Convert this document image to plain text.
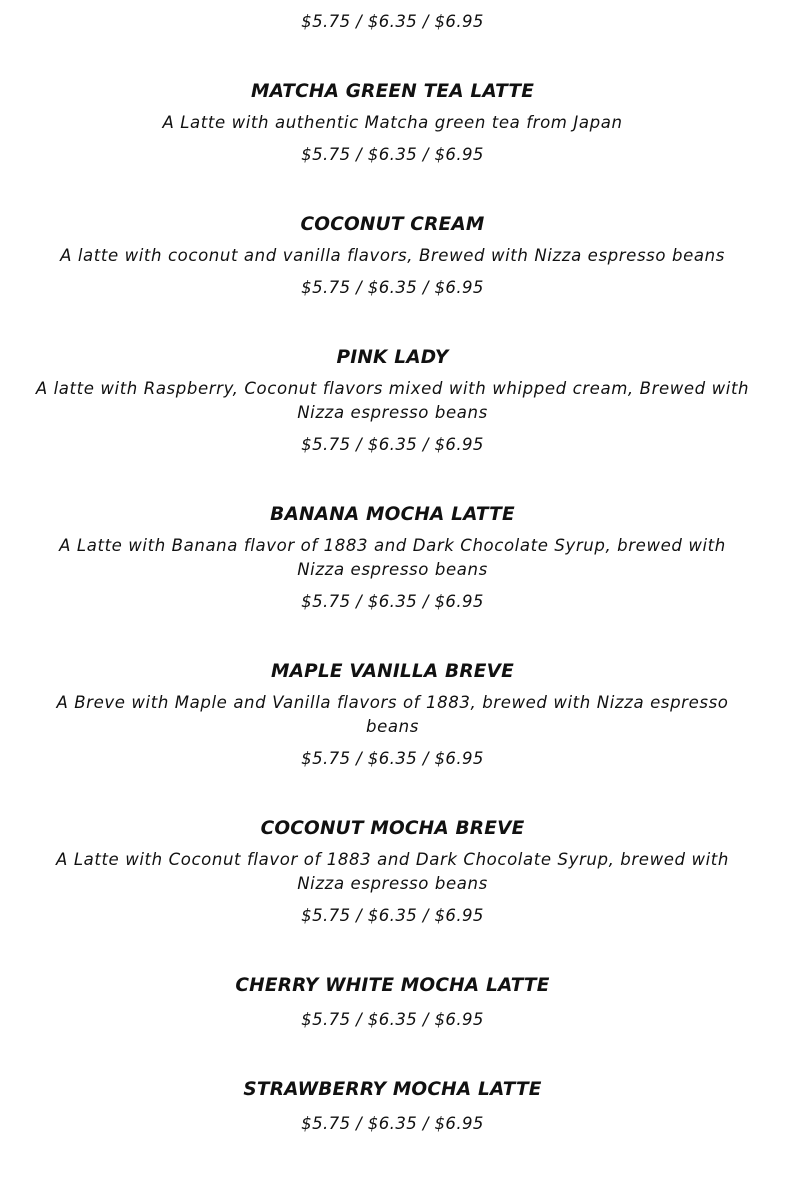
$5.75 / $6.35 / $6.95
MATCHA GREEN TEA LATTE
A Latte with authentic Matcha green tea from Japan
$5.75 / $6.35 / $6.95
COCONUT CREAM
A latte with coconut and vanilla flavors, Brewed with Nizza espresso beans
$5.75 / $6.35 / $6.95
PINK LADY
A latte with Raspberry, Coconut flavors mixed with whipped cream, Brewed with
Nizza espresso beans
$5.75 / $6.35 / $6.95
BANANA MOCHA LATTE
A Latte with Banana flavor of 1883 and Dark Chocolate Syrup, brewed with
Nizza espresso beans
$5.75 / $6.35 / $6.95
MAPLE VANILLA BREVE
A Breve with Maple and Vanilla flavors of 1883, brewed with Nizza espresso
beans
$5.75 / $6.35 / $6.95
COCONUT MOCHA BREVE
A Latte with Coconut flavor of 1883 and Dark Chocolate Syrup, brewed with
Nizza espresso beans
$5.75 / $6.35 / $6.95
CHERRY WHITE MOCHA LATTE
$5.75 / $6.35 / $6.95
STRAWBERRY MOCHA LATTE
$5.75 / $6.35 / $6.95
